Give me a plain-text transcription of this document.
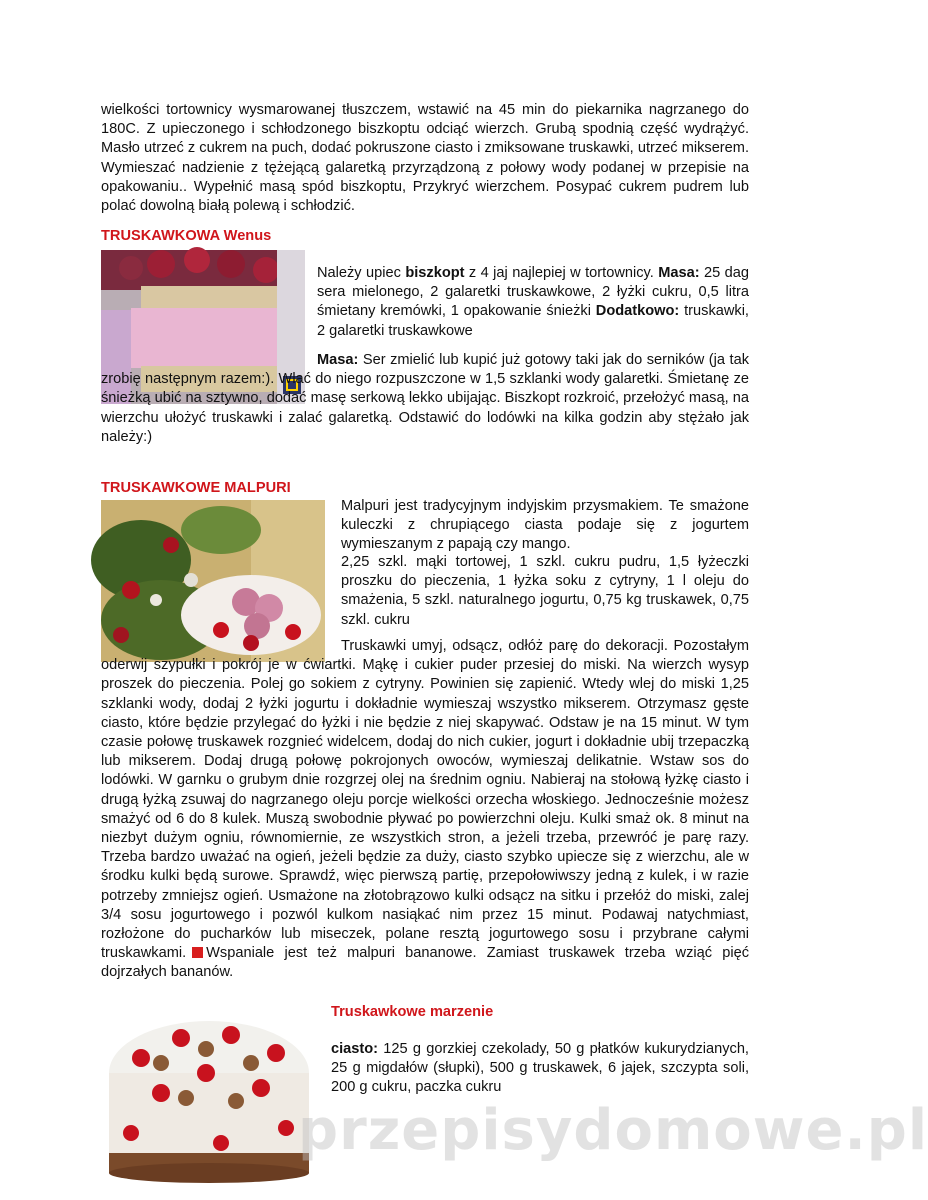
wielkości tortownicy wysmarowanej tłuszczem, wstawić na 45 min do piekarnika nagrzanego do 180C. Z upieczonego i schłodzonego biszkoptu odciąć wierzch. Grubą spodnią część wydrążyć. Masło utrzeć z cukrem na puch, dodać pokruszone ciasto i zmiksowane truskawki, utrzeć mikserem. Wymieszać nadzienie z tężejącą galaretką przyrządzoną z połowy wody podanej w przepisie na opakowaniu.. Wypełnić masą spód biszkoptu, Przykryć wierzchem. Posypać cukrem pudrem lub polać dowolną białą polewą i schłodzić.

TRUSKAWKOWA Wenus

Należy upiec biszkopt z 4 jaj najlepiej w tortownicy. Masa: 25 dag sera mielonego, 2 galaretki truskawkowe, 2 łyżki cukru, 0,5 litra śmietany kremówki, 1 opakowanie śnieżki Dodatkowo: truskawki, 2 galaretki truskawkowe

Masa: Ser zmielić lub kupić już gotowy taki jak do serników (ja tak zrobię następnym razem:). Wlać do niego rozpuszczone w 1,5 szklanki wody galaretki. Śmietanę ze śnieżką ubić na sztywno, dodać masę serkową lekko ubijając. Biszkopt rozkroić, przełożyć masą, na wierzchu ułożyć truskawki i zalać galaretką. Odstawić do lodówki na kilka godzin aby stężało jak należy:)

TRUSKAWKOWE MALPURI

Malpuri jest tradycyjnym indyjskim przysmakiem. Te smażone kuleczki z chrupiącego ciasta podaje się z jogurtem wymieszanym z papają czy mango.

2,25 szkl. mąki tortowej, 1 szkl. cukru pudru, 1,5 łyżeczki proszku do pieczenia, 1 łyżka soku z cytryny, 1 l oleju do smażenia, 5 szkl. naturalnego jogurtu, 0,75 kg truskawek, 0,75 szkl. cukru

Truskawki umyj, odsącz, odłóż parę do dekoracji. Pozostałym oderwij szypułki i pokrój je w ćwiartki. Mąkę i cukier puder przesiej do miski. Na wierzch wysyp proszek do pieczenia. Polej go sokiem z cytryny. Powinien się zapienić. Wtedy wlej do miski 1,25 szklanki wody, dodaj 2 łyżki jogurtu i dokładnie wymieszaj wszystko mikserem. Otrzymasz gęste ciasto, które będzie przylegać do łyżki i nie będzie z niej skapywać. Odstaw je na 15 minut. W tym czasie połowę truskawek rozgnieć widelcem, dodaj do nich cukier, jogurt i dokładnie ubij trzepaczką lub mikserem. Dodaj drugą połowę pokrojonych owoców, wymieszaj delikatnie. Wstaw sos do lodówki. W garnku o grubym dnie rozgrzej olej na średnim ogniu. Nabieraj na stołową łyżkę ciasto i drugą łyżką zsuwaj do nagrzanego oleju porcje wielkości orzecha włoskiego. Jednocześnie możesz smażyć od 6 do 8 kulek. Muszą swobodnie pływać po powierzchni oleju. Kulki smaż ok. 8 minut na niezbyt dużym ogniu, równomiernie, ze wszystkich stron, a jeżeli trzeba, przewróć je parę razy. Trzeba bardzo uważać na ogień, jeżeli będzie za duży, ciasto szybko upiecze się z wierzchu, ale w środku kulki będą surowe. Sprawdź, więc pierwszą partię, przepołowiwszy jedną z kulek, i w razie potrzeby zmniejsz ogień. Usmażone na złotobrązowo kulki odsącz na sitku i przełóż do miski, zalej 3/4 sosu jogurtowego i pozwól kulkom nasiąkać nim przez 15 minut. Podawaj natychmiast, rozłożone do pucharków lub miseczek, polane resztą jogurtowego sosu i przybrane całymi truskawkami. Wspaniale jest też malpuri bananowe. Zamiast truskawek trzeba wziąć pięć dojrzałych bananów.

Truskawkowe marzenie

ciasto: 125 g gorzkiej czekolady, 50 g płatków kukurydzianych, 25 g migdałów (słupki), 500 g truskawek, 6 jajek, szczypta soli, 200 g cukru, paczka cukru

przepisydomowe.pl
